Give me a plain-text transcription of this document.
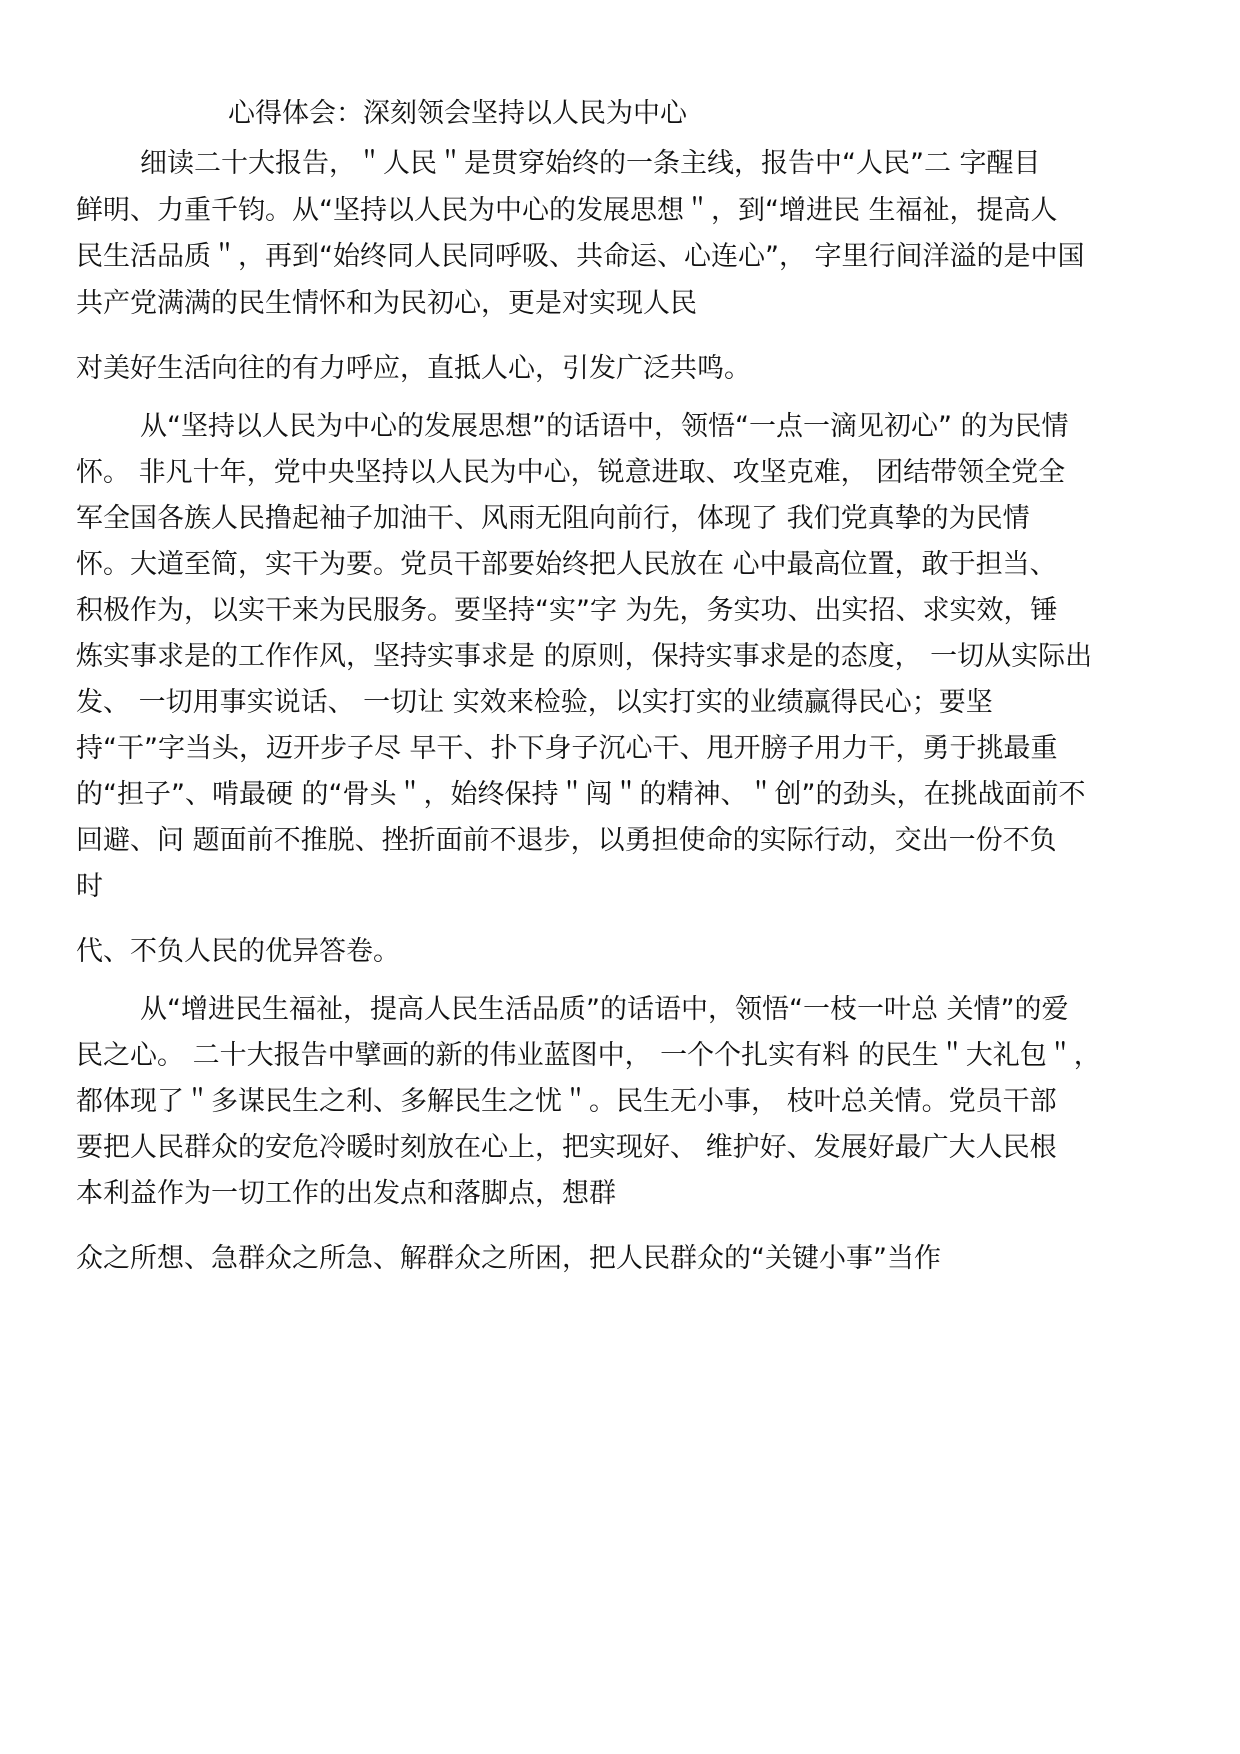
心得体会：深刻领会坚持以人民为中心
细读二十大报告，＂人民＂是贯穿始终的一条主线，报告中“人民”二 字醒目
鲜明、力重千钧。从“坚持以人民为中心的发展思想＂，到“增进民 生福祉，提高人
民生活品质＂，再到“始终同人民同呼吸、共命运、心连心”， 字里行间洋溢的是中国
共产党满满的民生情怀和为民初心，更是对实现人民
对美好生活向往的有力呼应，直抵人心，引发广泛共鸣。
从“坚持以人民为中心的发展思想”的话语中，领悟“一点一滴见初心” 的为民情
怀。 非凡十年，党中央坚持以人民为中心，锐意进取、攻坚克难， 团结带领全党全
军全国各族人民撸起袖子加油干、风雨无阻向前行，体现了 我们党真挚的为民情
怀。大道至简，实干为要。党员干部要始终把人民放在 心中最高位置，敢于担当、
积极作为，以实干来为民服务。要坚持“实”字 为先，务实功、出实招、求实效，锤
炼实事求是的工作作风，坚持实事求是 的原则，保持实事求是的态度， 一切从实际出
发、 一切用事实说话、 一切让 实效来检验，以实打实的业绩赢得民心；要坚
持“干”字当头，迈开步子尽 早干、扑下身子沉心干、甩开膀子用力干，勇于挑最重
的“担子”、啃最硬 的“骨头＂，始终保持＂闯＂的精神、＂创”的劲头，在挑战面前不
回避、问 题面前不推脱、挫折面前不退步，以勇担使命的实际行动，交出一份不负
时
代、不负人民的优异答卷。
从“增进民生福祉，提高人民生活品质”的话语中，领悟“一枝一叶总 关情”的爱
民之心。 二十大报告中擘画的新的伟业蓝图中， 一个个扎实有料 的民生＂大礼包＂，
都体现了＂多谋民生之利、多解民生之忧＂。民生无小事， 枝叶总关情。党员干部
要把人民群众的安危冷暖时刻放在心上，把实现好、 维护好、发展好最广大人民根
本利益作为一切工作的出发点和落脚点，想群
众之所想、急群众之所急、解群众之所困，把人民群众的“关键小事”当作
